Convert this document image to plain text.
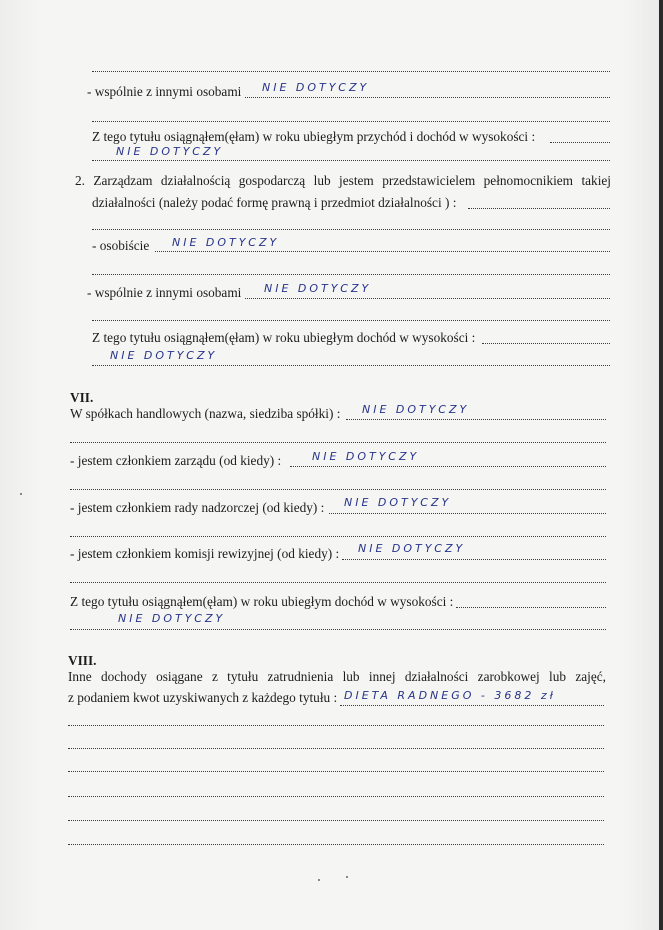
- wspólnie z innymi osobami NIE DOTYCZY
Z tego tytułu osiągnąłem(ęłam) w roku ubiegłym przychód i dochód w wysokości :
NIE DOTYCZY
2. Zarządzam działalnością gospodarczą lub jestem przedstawicielem pełnomocnikiem takiej
działalności (należy podać formę prawną i przedmiot działalności ) :
- osobiście NIE DOTYCZY
- wspólnie z innymi osobami NIE DOTYCZY
Z tego tytułu osiągnąłem(ęłam) w roku ubiegłym dochód w wysokości :
NIE DOTYCZY
VII.
W spółkach handlowych (nazwa, siedziba spółki) : NIE DOTYCZY
- jestem członkiem zarządu (od kiedy) :	NIE DOTYCZY
- jestem członkiem rady nadzorczej (od kiedy) : NIE DOTYCZY
- jestem członkiem komisji rewizyjnej (od kiedy) : NIE DOTYCZY
Z tego tytułu osiągnąłem(ęłam) w roku ubiegłym dochód w wysokości :
NIE DOTYCZY
VIII.
Inne dochody osiągane z tytułu zatrudnienia lub innej działalności zarobkowej lub zajęć,
z podaniem kwot uzyskiwanych z każdego tytułu : DIETA RADNEGO - 3682 zł
